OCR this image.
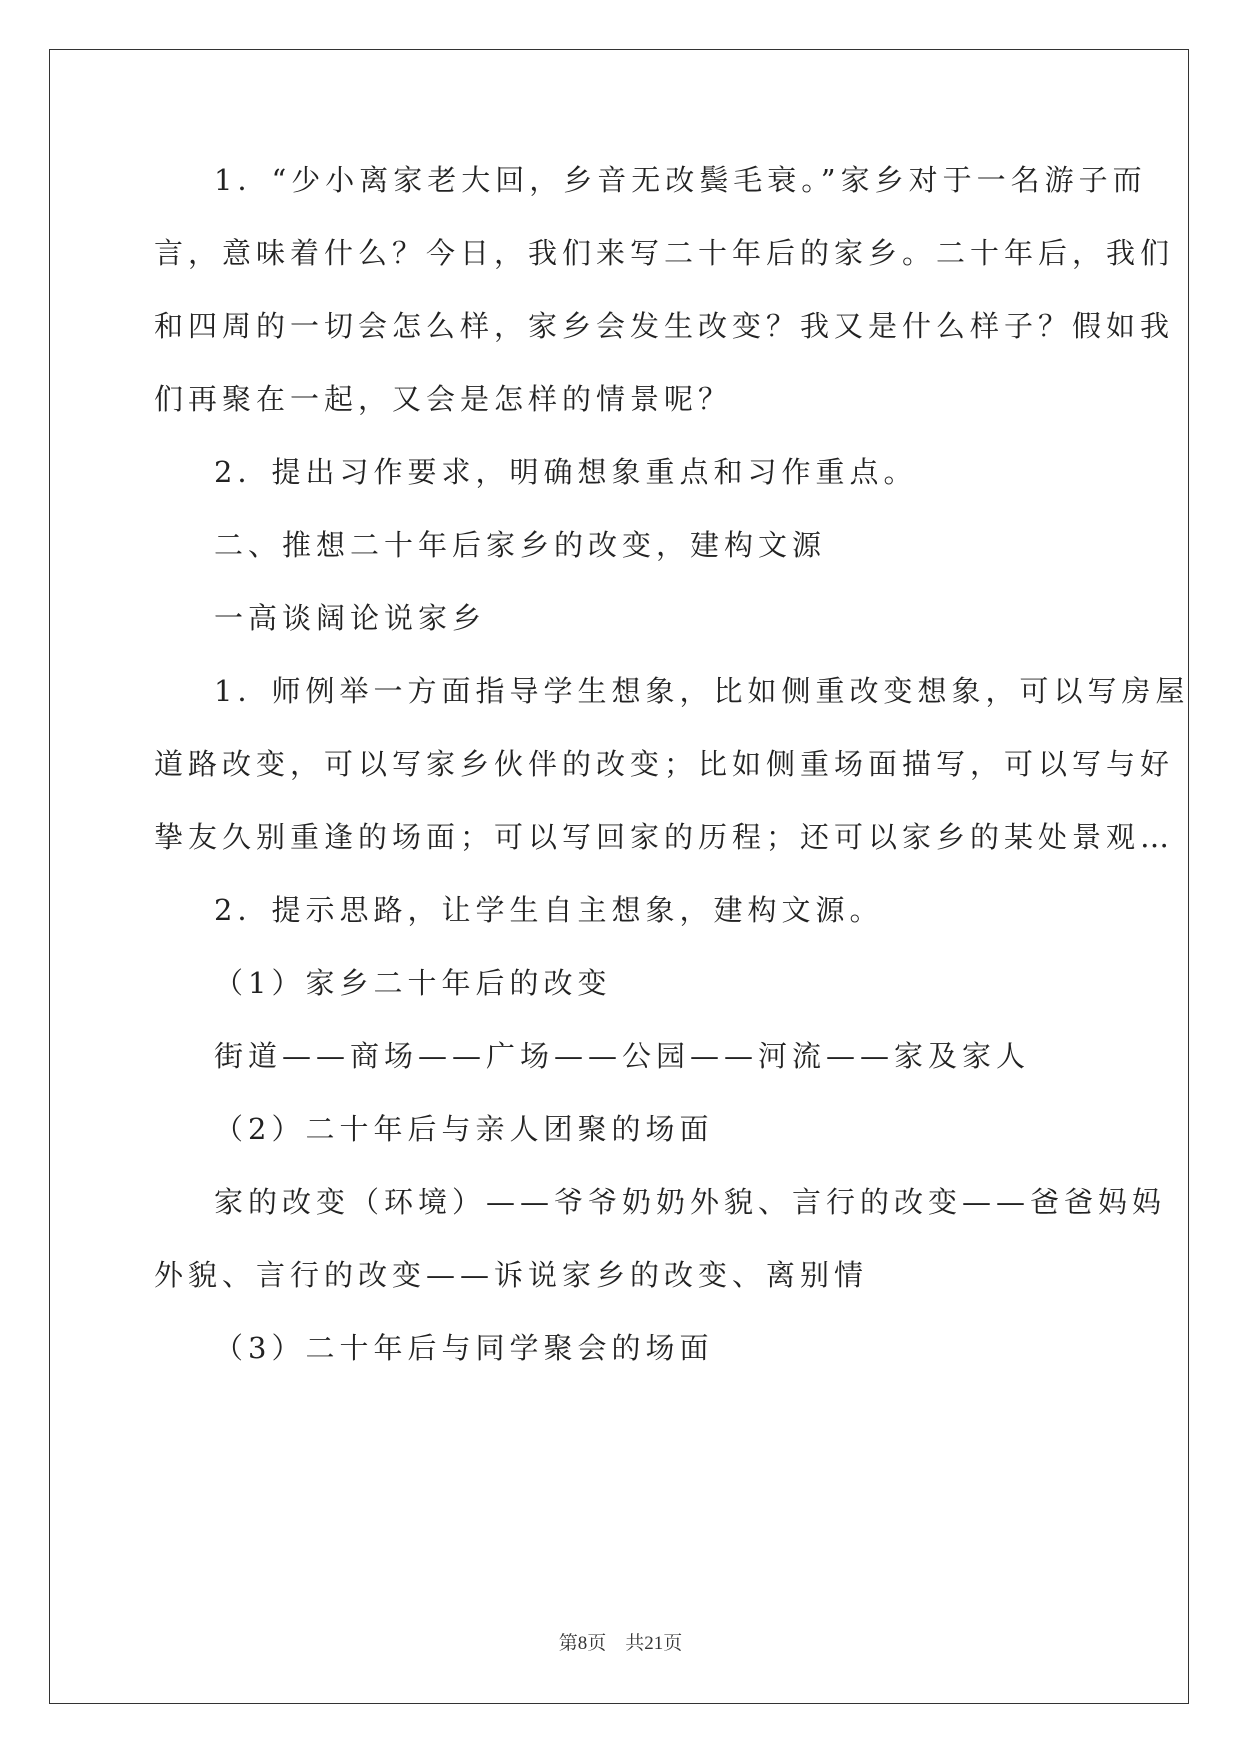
1．“少小离家老大回，乡音无改鬓毛衰。”家乡对于一名游子而
言，意味着什么？今日，我们来写二十年后的家乡。二十年后，我们
和四周的一切会怎么样，家乡会发生改变？我又是什么样子？假如我
们再聚在一起，又会是怎样的情景呢？
2．提出习作要求，明确想象重点和习作重点。
二、推想二十年后家乡的改变，建构文源
一高谈阔论说家乡
1．师例举一方面指导学生想象，比如侧重改变想象，可以写房屋
道路改变，可以写家乡伙伴的改变；比如侧重场面描写，可以写与好
挚友久别重逢的场面；可以写回家的历程；还可以家乡的某处景观…
2．提示思路，让学生自主想象，建构文源。
（1）家乡二十年后的改变
街道——商场——广场——公园——河流——家及家人
（2）二十年后与亲人团聚的场面
家的改变（环境）——爷爷奶奶外貌、言行的改变——爸爸妈妈
外貌、言行的改变——诉说家乡的改变、离别情
（3）二十年后与同学聚会的场面
第8页　共21页
